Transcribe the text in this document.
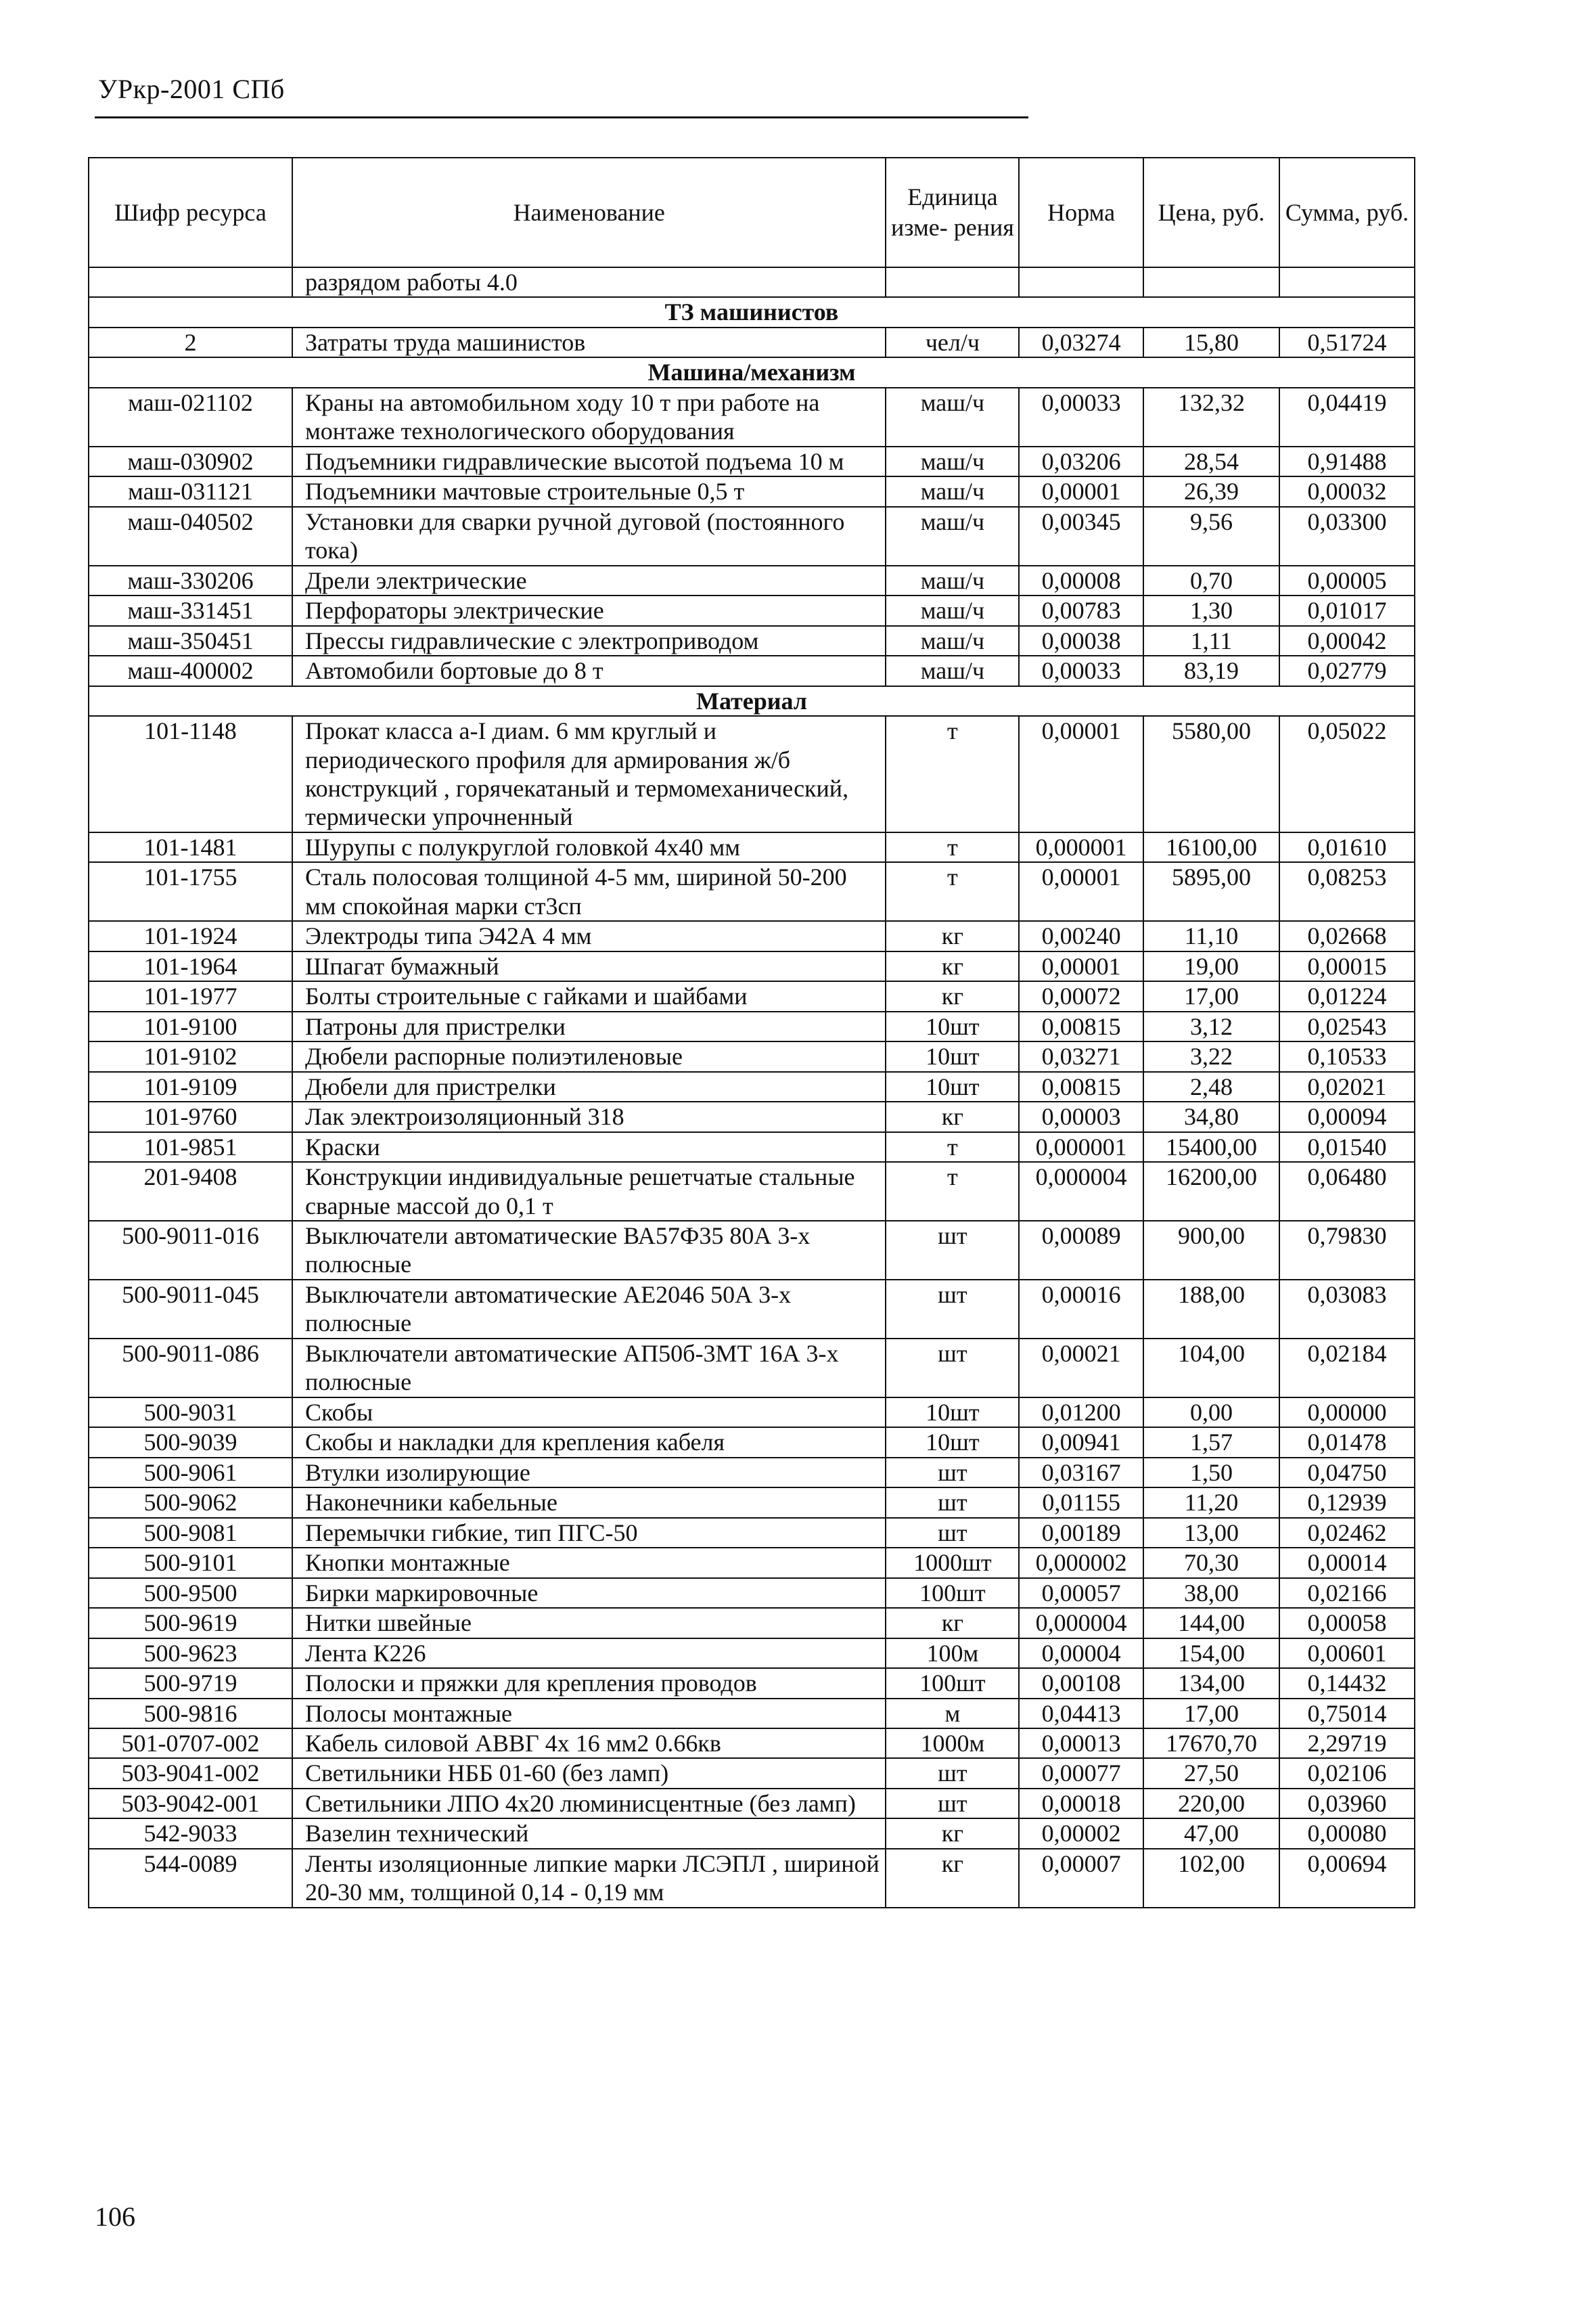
УРкр-2001 СПб
Шифр ресурса	Наименование	Единица изме- рения	Норма	Цена, руб.	Сумма, руб.
	разрядом работы 4.0				
ТЗ машинистов					
2	Затраты труда машинистов	чел/ч	0,03274	15,80	0,51724
Машина/механизм					
маш-021102	Краны на автомобильном ходу 10 т при работе на монтаже технологического оборудования	маш/ч	0,00033	132,32	0,04419
маш-030902	Подъемники гидравлические высотой подъема 10 м	маш/ч	0,03206	28,54	0,91488
маш-031121	Подъемники мачтовые строительные 0,5 т	маш/ч	0,00001	26,39	0,00032
маш-040502	Установки для сварки ручной дуговой (постоянного тока)	маш/ч	0,00345	9,56	0,03300
маш-330206	Дрели электрические	маш/ч	0,00008	0,70	0,00005
маш-331451	Перфораторы электрические	маш/ч	0,00783	1,30	0,01017
маш-350451	Прессы гидравлические с электроприводом	маш/ч	0,00038	1,11	0,00042
маш-400002	Автомобили бортовые до 8 т	маш/ч	0,00033	83,19	0,02779
Материал					
101-1148	Прокат класса а-I диам. 6 мм круглый и периодического профиля для армирования ж/б конструкций , горячекатаный и термомеханический, термически упрочненный	т	0,00001	5580,00	0,05022
101-1481	Шурупы с полукруглой головкой 4х40 мм	т	0,000001	16100,00	0,01610
101-1755	Сталь полосовая толщиной 4-5 мм, шириной 50-200 мм спокойная марки ст3сп	т	0,00001	5895,00	0,08253
101-1924	Электроды типа Э42А 4 мм	кг	0,00240	11,10	0,02668
101-1964	Шпагат бумажный	кг	0,00001	19,00	0,00015
101-1977	Болты строительные с гайками и шайбами	кг	0,00072	17,00	0,01224
101-9100	Патроны для пристрелки	10шт	0,00815	3,12	0,02543
101-9102	Дюбели распорные полиэтиленовые	10шт	0,03271	3,22	0,10533
101-9109	Дюбели для пристрелки	10шт	0,00815	2,48	0,02021
101-9760	Лак электроизоляционный 318	кг	0,00003	34,80	0,00094
101-9851	Краски	т	0,000001	15400,00	0,01540
201-9408	Конструкции индивидуальные решетчатые стальные сварные массой до 0,1 т	т	0,000004	16200,00	0,06480
500-9011-016	Выключатели автоматические ВА57Ф35 80А 3-х полюсные	шт	0,00089	900,00	0,79830
500-9011-045	Выключатели автоматические АЕ2046 50А 3-х полюсные	шт	0,00016	188,00	0,03083
500-9011-086	Выключатели автоматические АП50б-3МТ 16А 3-х полюсные	шт	0,00021	104,00	0,02184
500-9031	Скобы	10шт	0,01200	0,00	0,00000
500-9039	Скобы и накладки для крепления кабеля	10шт	0,00941	1,57	0,01478
500-9061	Втулки изолирующие	шт	0,03167	1,50	0,04750
500-9062	Наконечники кабельные	шт	0,01155	11,20	0,12939
500-9081	Перемычки гибкие, тип ПГС-50	шт	0,00189	13,00	0,02462
500-9101	Кнопки монтажные	1000шт	0,000002	70,30	0,00014
500-9500	Бирки маркировочные	100шт	0,00057	38,00	0,02166
500-9619	Нитки швейные	кг	0,000004	144,00	0,00058
500-9623	Лента К226	100м	0,00004	154,00	0,00601
500-9719	Полоски и пряжки для крепления проводов	100шт	0,00108	134,00	0,14432
500-9816	Полосы монтажные	м	0,04413	17,00	0,75014
501-0707-002	Кабель силовой АВВГ 4х 16 мм2 0.66кв	1000м	0,00013	17670,70	2,29719
503-9041-002	Светильники НББ 01-60 (без ламп)	шт	0,00077	27,50	0,02106
503-9042-001	Светильники ЛПО 4х20 люминисцентные (без ламп)	шт	0,00018	220,00	0,03960
542-9033	Вазелин технический	кг	0,00002	47,00	0,00080
544-0089	Ленты изоляционные липкие марки ЛСЭПЛ , шириной 20-30 мм, толщиной 0,14 - 0,19 мм	кг	0,00007	102,00	0,00694
106
